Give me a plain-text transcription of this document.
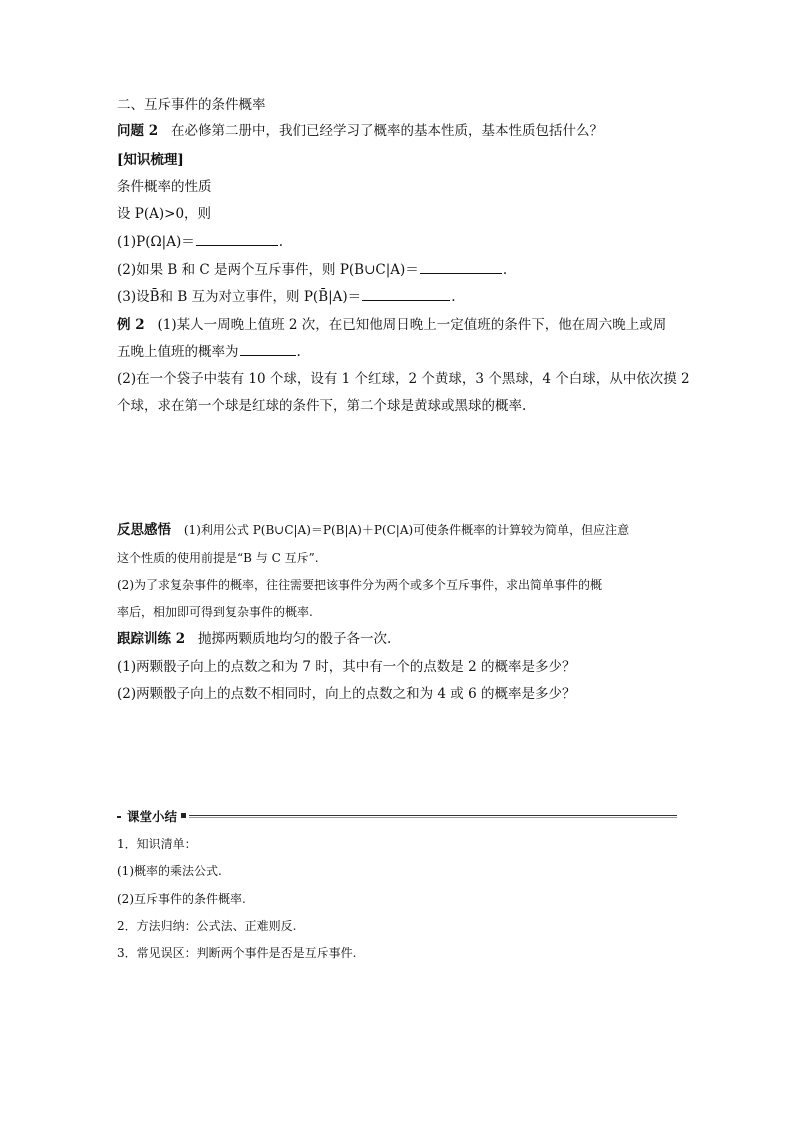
二、互斥事件的条件概率
问题 2 在必修第二册中，我们已经学习了概率的基本性质，基本性质包括什么？
[知识梳理]
条件概率的性质
设 P(A)>0，则
(1)P(Ω|A)＝	.
(2)如果 B 和 C 是两个互斥事件，则 P(B∪C|A)＝	.
(3)设B̄和 B 互为对立事件，则 P(B̄|A)＝	.
例 2 (1)某人一周晚上值班 2 次，在已知他周日晚上一定值班的条件下，他在周六晚上或周
五晚上值班的概率为	.
(2)在一个袋子中装有 10 个球，设有 1 个红球，2 个黄球，3 个黑球，4 个白球，从中依次摸 2
个球，求在第一个球是红球的条件下，第二个球是黄球或黑球的概率.
反思感悟 (1)利用公式 P(B∪C|A)＝P(B|A)＋P(C|A)可使条件概率的计算较为简单，但应注意
这个性质的使用前提是“B 与 C 互斥”.
(2)为了求复杂事件的概率，往往需要把该事件分为两个或多个互斥事件，求出简单事件的概
率后，相加即可得到复杂事件的概率.
跟踪训练 2 抛掷两颗质地均匀的骰子各一次.
(1)两颗骰子向上的点数之和为 7 时，其中有一个的点数是 2 的概率是多少？
(2)两颗骰子向上的点数不相同时，向上的点数之和为 4 或 6 的概率是多少？
课堂小结
1．知识清单：
(1)概率的乘法公式.
(2)互斥事件的条件概率.
2．方法归纳：公式法、正难则反.
3．常见误区：判断两个事件是否是互斥事件.
